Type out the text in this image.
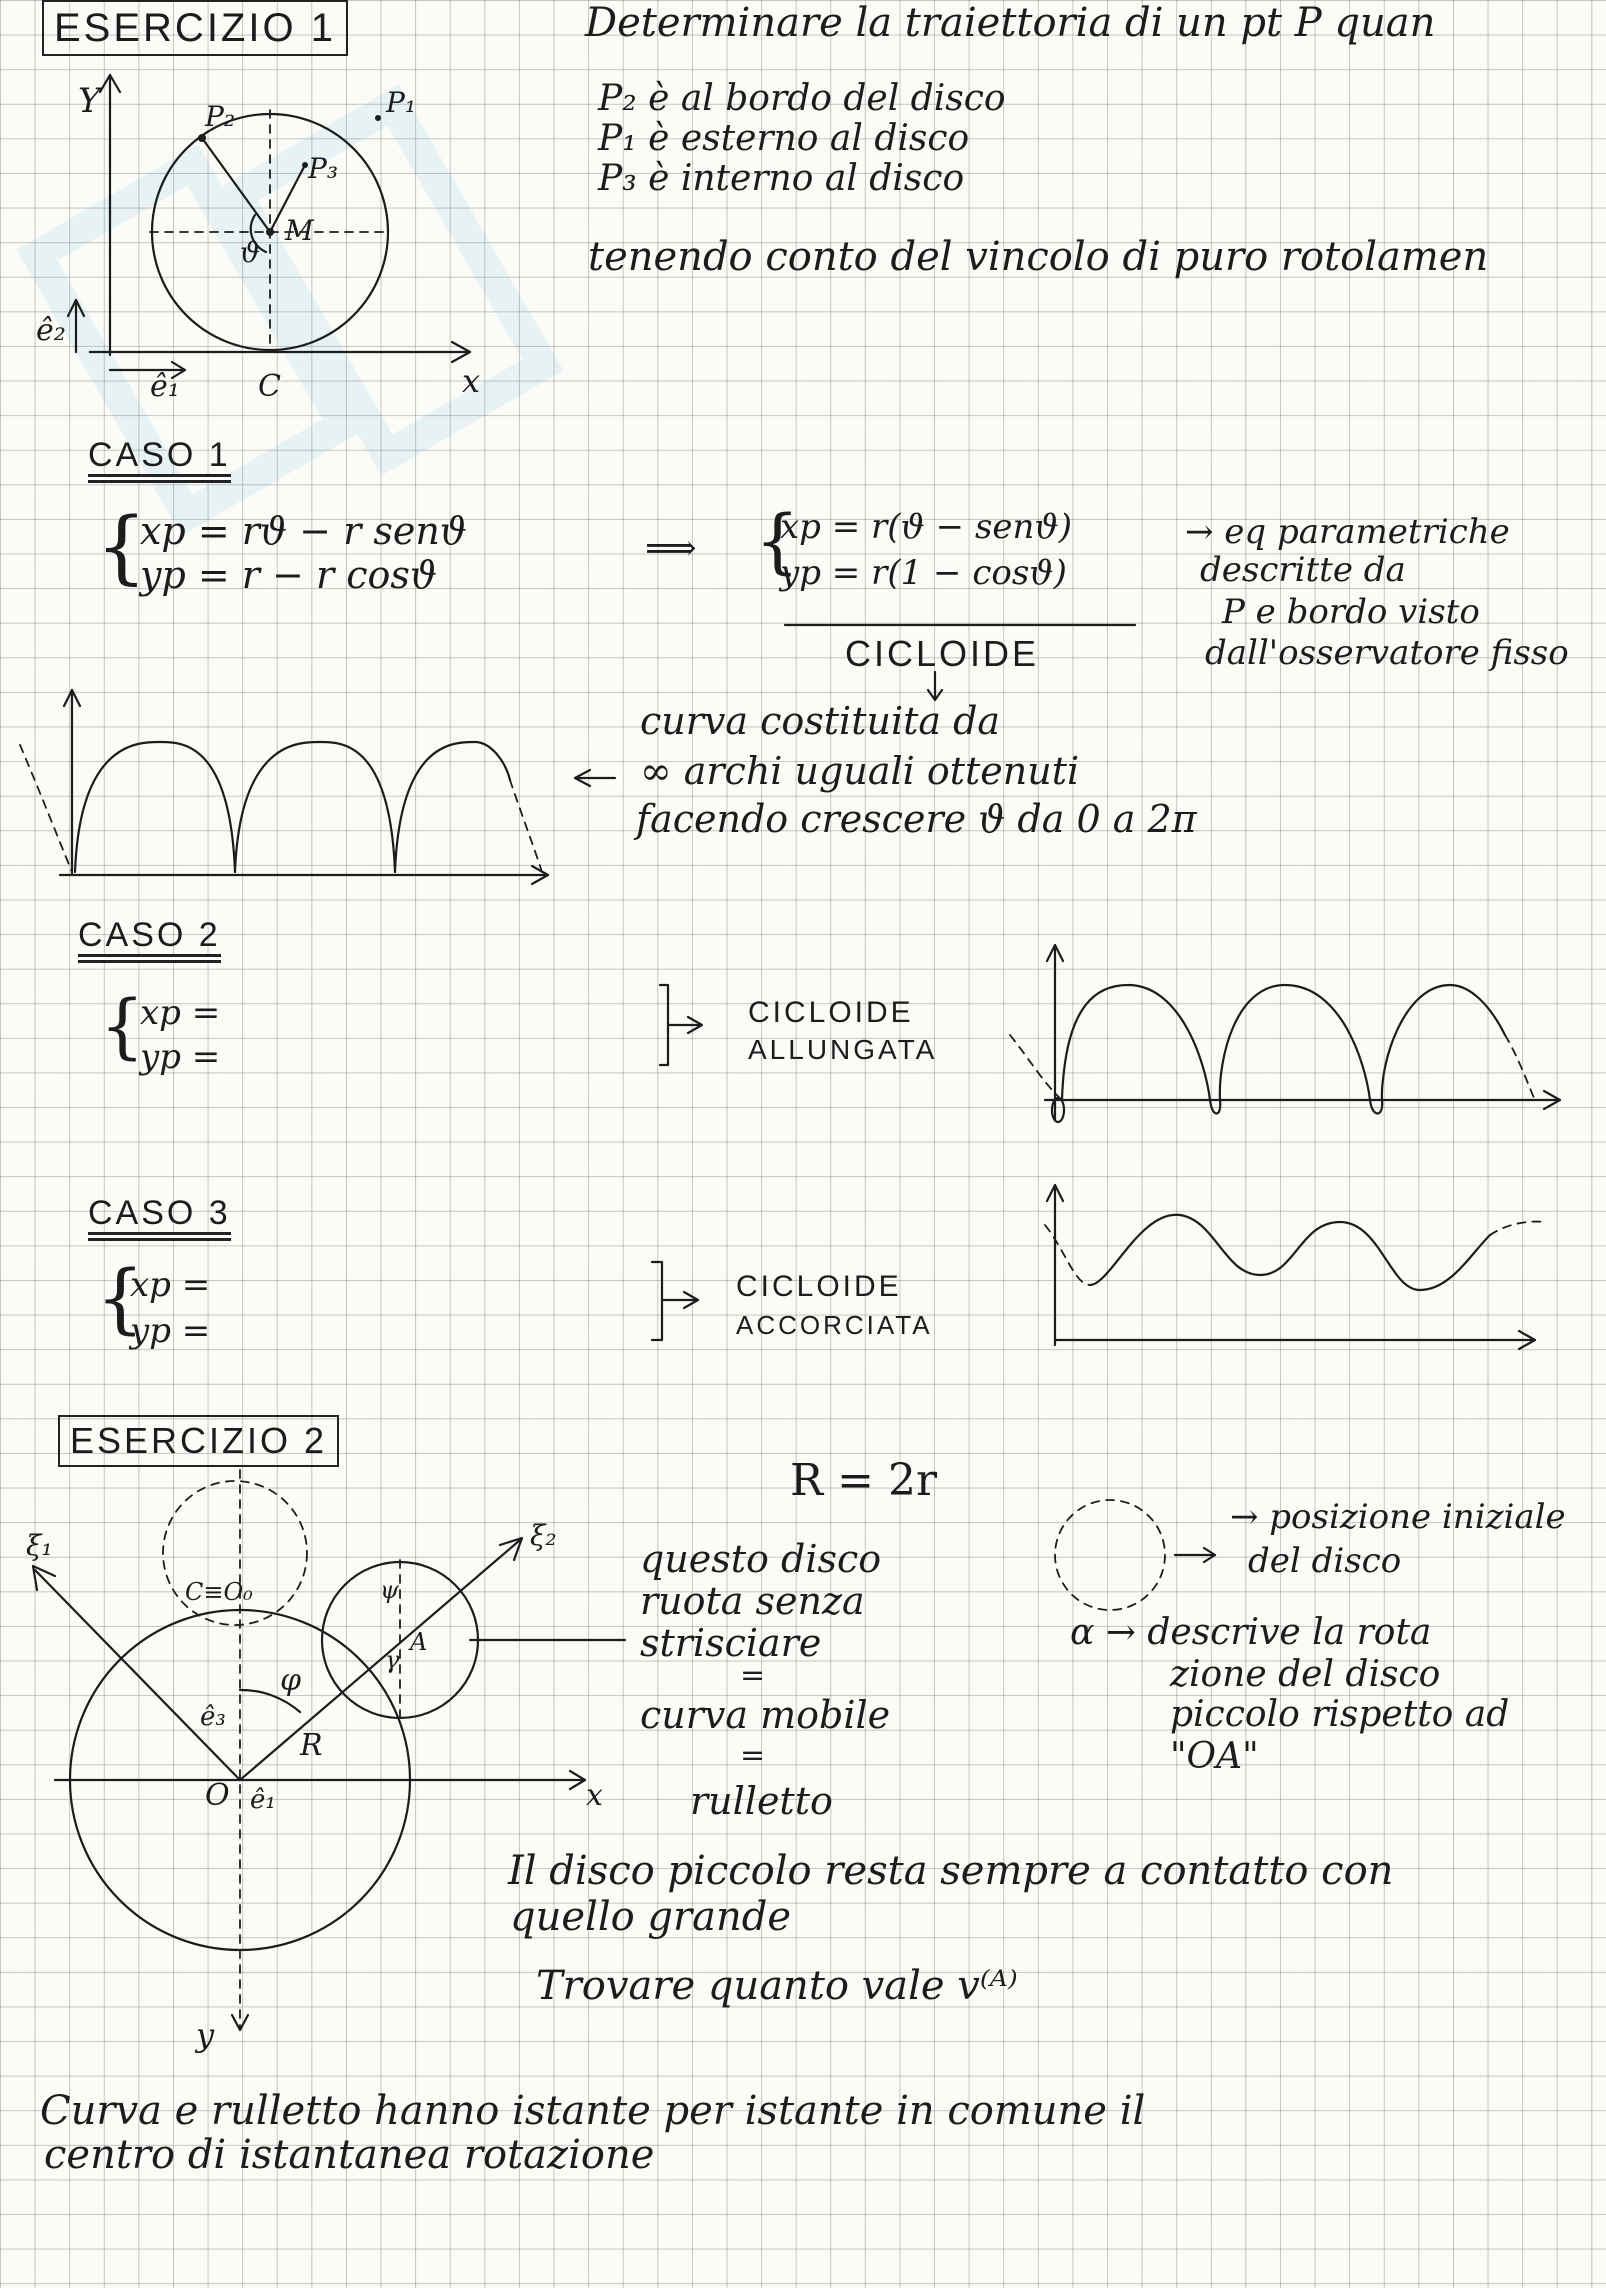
ESERCIZIO 1	Determinare la traiettoria di un pt P quan
Y
x
P₁
P₂
P₃
M
ϑ
ê₂
ê₁	C
P₂ è al bordo del disco
P₁ è esterno al disco
P₃ è interno al disco
tenendo conto del vincolo di puro rotolamen
CASO 1
{
xp = rϑ − r senϑ
yp = r − r cosϑ
⟹ {
xp = r(ϑ − senϑ)
yp = r(1 − cosϑ)
CICLOIDE
→ eq parametriche
descritte da
P e bordo visto
dall'osservatore fisso
curva costituita da
∞ archi uguali ottenuti
facendo crescere ϑ da 0 a 2π
CASO 2
{
xp =
yp =
CICLOIDE
ALLUNGATA
CASO 3
{
xp =
yp =
CICLOIDE
ACCORCIATA
ESERCIZIO 2
R = 2r
ξ₁	ξ₂
C≡O₀
φ
ψ
γ
A
R
O ê₁
ê₃
x
y
questo disco
ruota senza
strisciare
=
curva mobile
=
rulletto
→ posizione iniziale
del disco
α → descrive la rota
zione del disco
piccolo rispetto ad
"OA"
Il disco piccolo resta sempre a contatto con
quello grande
Trovare quanto vale v⁽ᴬ⁾
Curva e rulletto hanno istante per istante in comune il
centro di istantanea rotazione
